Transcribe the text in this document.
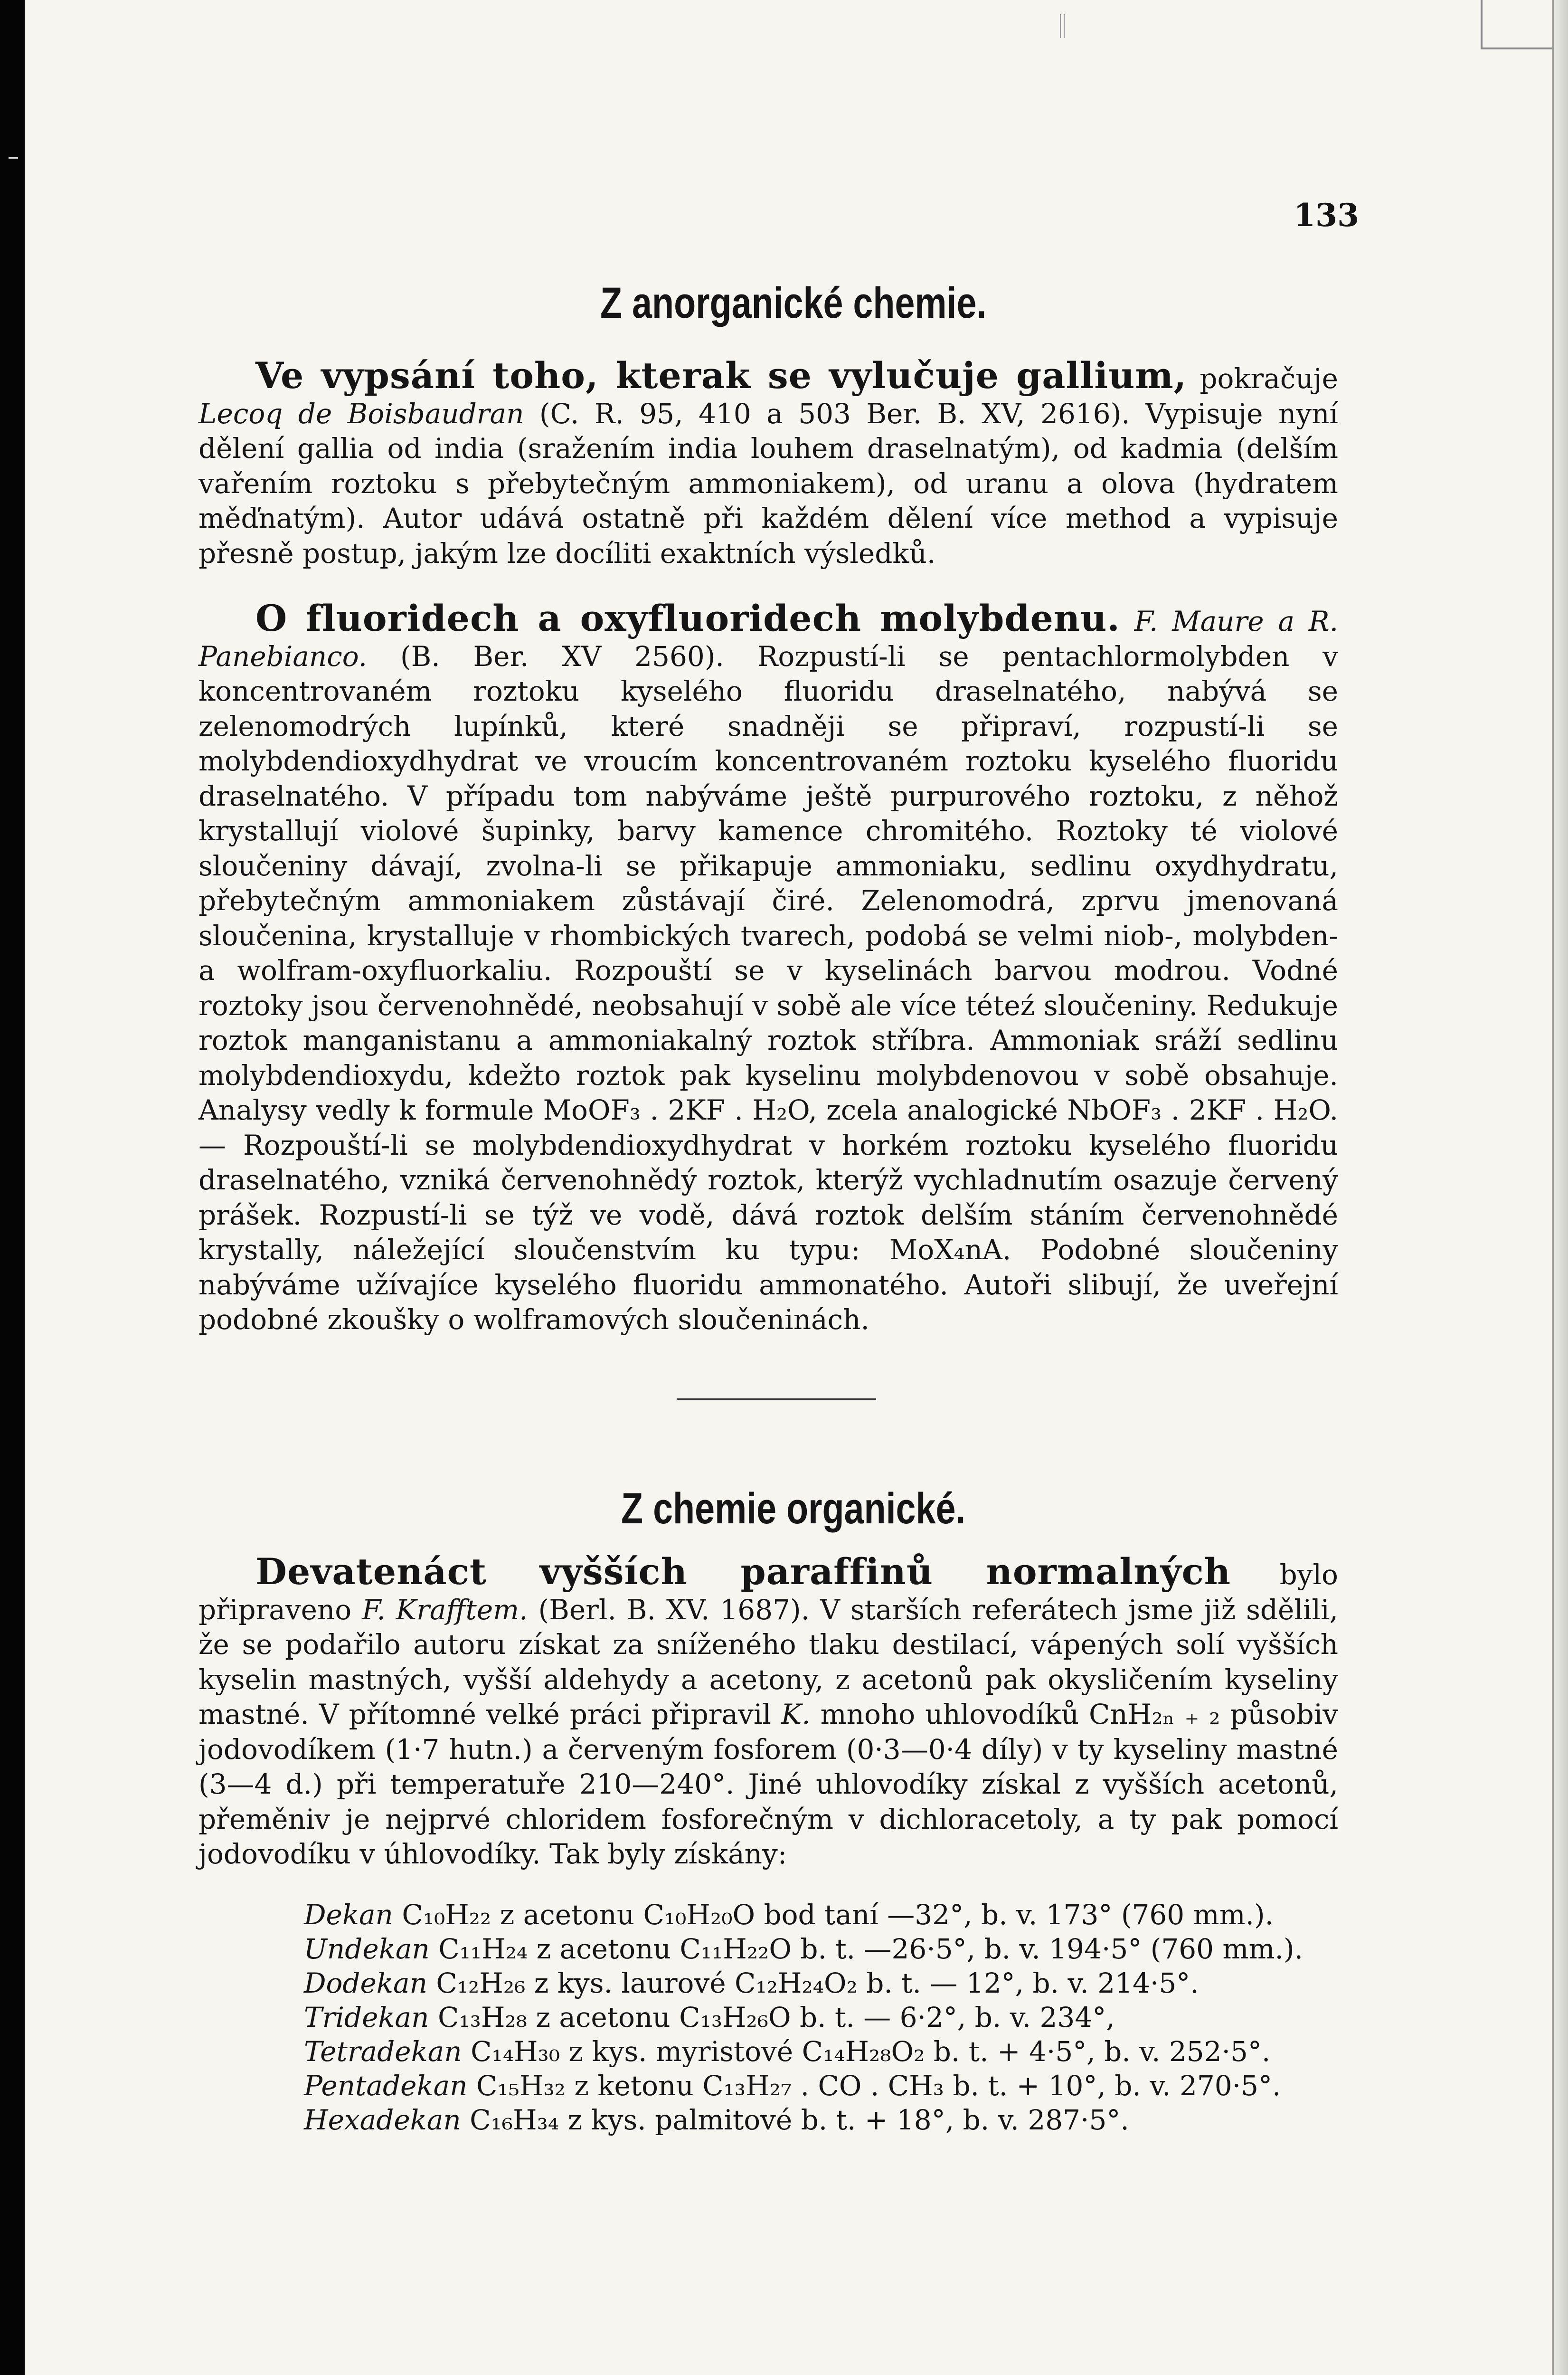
133
Z anorganické chemie.

Ve vypsání toho, kterak se vylučuje gallium, pokračuje Lecoq de Boisbaudran (C. R. 95, 410 a 503 Ber. B. XV, 2616). Vypisuje nyní dělení gallia od india (sražením india louhem draselnatým), od kadmia (delším vařením roztoku s přebytečným ammoniakem), od uranu a olova (hydratem měďnatým). Autor udává ostatně při každém dělení více method a vypisuje přesně postup, jakým lze docíliti exaktních výsledků.

O fluoridech a oxyfluoridech molybdenu. F. Maure a R. Panebianco. (B. Ber. XV 2560). Rozpustí-li se pentachlormolybden v koncentrovaném roztoku kyselého fluoridu draselnatého, nabývá se zelenomodrých lupínků, které snadněji se připraví, rozpustí-li se molybdendioxydhydrat ve vroucím koncentrovaném roztoku kyselého fluoridu draselnatého. V případu tom nabýváme ještě purpurového roztoku, z něhož krystallují violové šupinky, barvy kamence chromitého. Roztoky té violové sloučeniny dávají, zvolna-li se přikapuje ammoniaku, sedlinu oxydhydratu, přebytečným ammoniakem zůstávají čiré. Zelenomodrá, zprvu jmenovaná sloučenina, krystalluje v rhombických tvarech, podobá se velmi niob-, molybden- a wolfram-oxyfluorkaliu. Rozpouští se v kyselinách barvou modrou. Vodné roztoky jsou červenohnědé, neobsahují v sobě ale více téteź sloučeniny. Redukuje roztok manganistanu a ammoniakalný roztok stříbra. Ammoniak sráží sedlinu molybdendioxydu, kdežto roztok pak kyselinu molybdenovou v sobě obsahuje. Analysy vedly k formule MoOF₃ . 2KF . H₂O, zcela analogické NbOF₃ . 2KF . H₂O. — Rozpouští-li se molybdendioxydhydrat v horkém roztoku kyselého fluoridu draselnatého, vzniká červenohnědý roztok, kterýž vychladnutím osazuje červený prášek. Rozpustí-li se týž ve vodě, dává roztok delším stáním červenohnědé krystally, náležející sloučenstvím ku typu: MoX₄nA. Podobné sloučeniny nabýváme užívajíce kyselého fluoridu ammonatého. Autoři slibují, že uveřejní podobné zkoušky o wolframových sloučeninách.

Z chemie organické.

Devatenáct vyšších paraffinů normalných bylo připraveno F. Krafftem. (Berl. B. XV. 1687). V starších referátech jsme již sdělili, že se podařilo autoru získat za sníženého tlaku destilací, vápených solí vyšších kyselin mastných, vyšší aldehydy a acetony, z acetonů pak okysličením kyseliny mastné. V přítomné velké práci připravil K. mnoho uhlovodíků CnH₂ₙ ₊ ₂ působiv jodovodíkem (1·7 hutn.) a červeným fosforem (0·3—0·4 díly) v ty kyseliny mastné (3—4 d.) při temperatuře 210—240°. Jiné uhlovodíky získal z vyšších acetonů, přeměniv je nejprvé chloridem fosforečným v dichloracetoly, a ty pak pomocí jodovodíku v úhlovodíky. Tak byly získány:

Dekan
C₁₀H₂₂ z acetonu C₁₀H₂₀O bod taní —32°, b. v. 173° (760 mm.).
Undekan
C₁₁H₂₄ z acetonu C₁₁H₂₂O b. t. —26·5°, b. v. 194·5° (760 mm.).
Dodekan
C₁₂H₂₆ z kys. laurové C₁₂H₂₄O₂ b. t. — 12°, b. v. 214·5°.
Tridekan
C₁₃H₂₈ z acetonu C₁₃H₂₆O b. t. — 6·2°, b. v. 234°,
Tetradekan
C₁₄H₃₀ z kys. myristové C₁₄H₂₈O₂ b. t. + 4·5°, b. v. 252·5°.
Pentadekan
C₁₅H₃₂ z ketonu C₁₃H₂₇ . CO . CH₃ b. t. + 10°, b. v. 270·5°.
Hexadekan
C₁₆H₃₄ z kys. palmitové b. t. + 18°, b. v. 287·5°.
